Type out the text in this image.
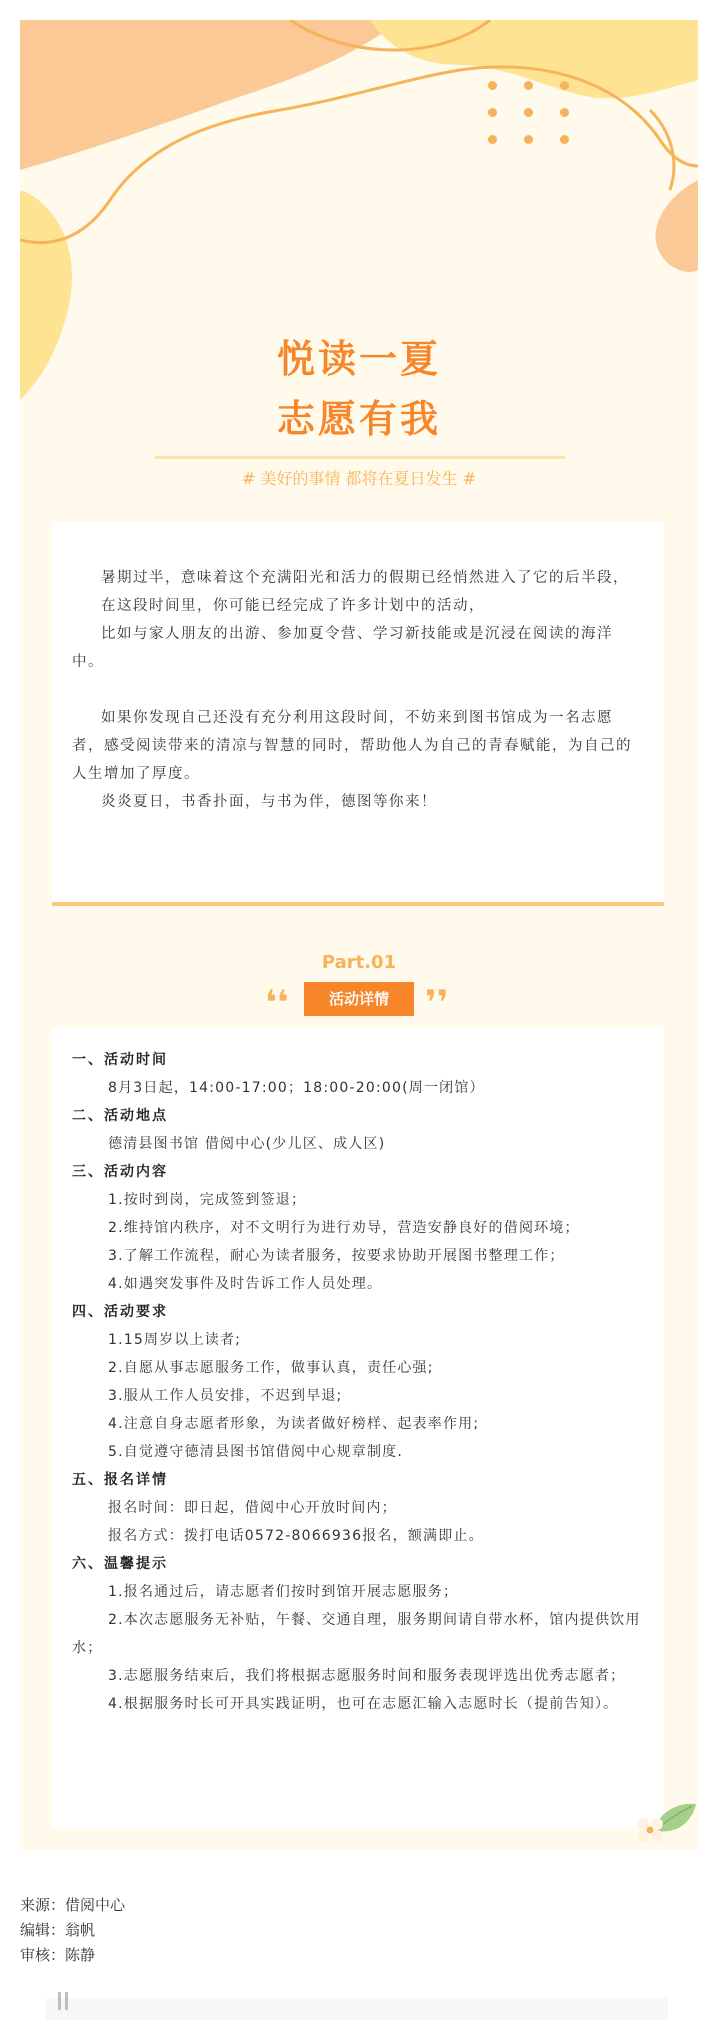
悦读一夏
志愿有我
# 美好的事情 都将在夏日发生 #

暑期过半，意味着这个充满阳光和活力的假期已经悄然进入了它的后半段，

在这段时间里，你可能已经完成了许多计划中的活动，

比如与家人朋友的出游、参加夏令营、学习新技能或是沉浸在阅读的海洋中。

如果你发现自己还没有充分利用这段时间，不妨来到图书馆成为一名志愿者，感受阅读带来的清凉与智慧的同时，帮助他人为自己的青春赋能，为自己的人生增加了厚度。

炎炎夏日，书香扑面，与书为伴，德图等你来！

Part.01
❛❛	活动详情	❜❜
一、活动时间
8月3日起，14:00-17:00；18:00-20:00(周一闭馆）
二、活动地点
德清县图书馆 借阅中心(少儿区、成人区)
三、活动内容
1.按时到岗，完成签到签退；
2.维持馆内秩序，对不文明行为进行劝导，营造安静良好的借阅环境；
3.了解工作流程，耐心为读者服务，按要求协助开展图书整理工作；
4.如遇突发事件及时告诉工作人员处理。
四、活动要求
1.15周岁以上读者;
2.自愿从事志愿服务工作，做事认真，责任心强;
3.服从工作人员安排，不迟到早退;
4.注意自身志愿者形象，为读者做好榜样、起表率作用;
5.自觉遵守德清县图书馆借阅中心规章制度.
五、报名详情
报名时间：即日起，借阅中心开放时间内；
报名方式：拨打电话0572-8066936报名，额满即止。
六、温馨提示
1.报名通过后，请志愿者们按时到馆开展志愿服务；
2.本次志愿服务无补贴，午餐、交通自理，服务期间请自带水杯，馆内提供饮用水；
3.志愿服务结束后，我们将根据志愿服务时间和服务表现评选出优秀志愿者；
4.根据服务时长可开具实践证明，也可在志愿汇输入志愿时长（提前告知）。
来源：借阅中心
编辑：翁帆
审核：陈静
